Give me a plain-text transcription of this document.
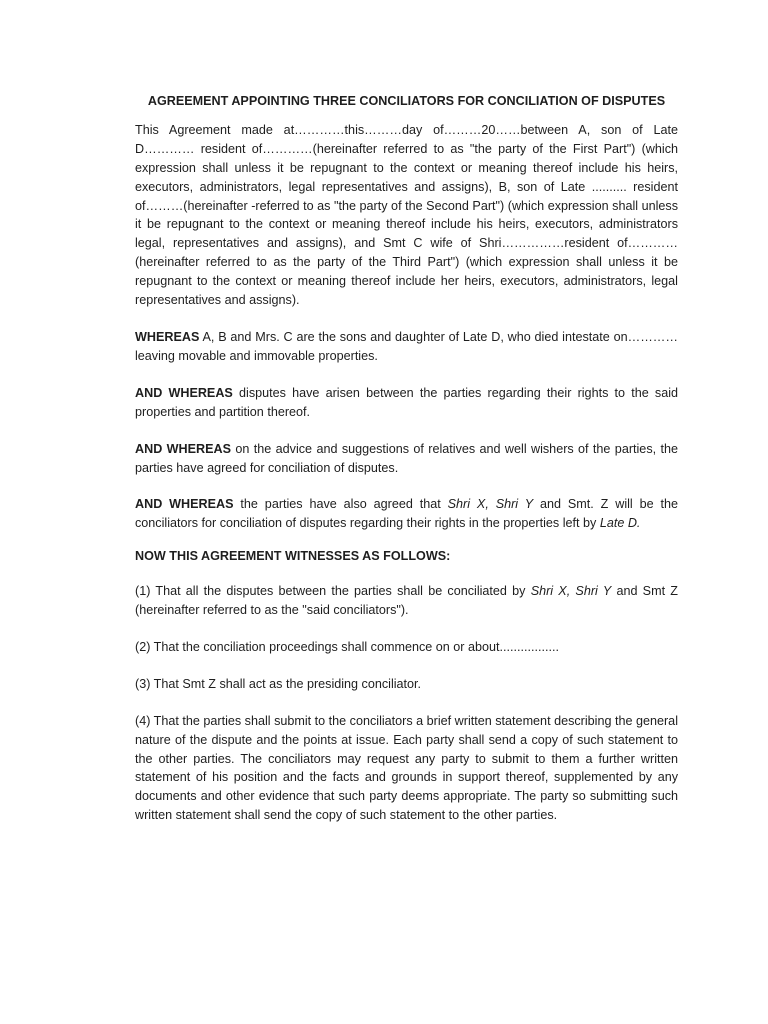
AGREEMENT APPOINTING THREE CONCILIATORS FOR CONCILIATION OF DISPUTES
This Agreement made at…………this………day of………20……between A, son of Late D………… resident of…………(hereinafter referred to as "the party of the First Part") (which expression shall unless it be repugnant to the context or meaning thereof include his heirs, executors, administrators, legal representatives and assigns), B, son of Late .......... resident of………(hereinafter -referred to as "the party of the Second Part") (which expression shall unless it be repugnant to the context or meaning thereof include his heirs, executors, administrators legal, representatives and assigns), and Smt C wife of Shri……………resident of…………(hereinafter referred to as the party of the Third Part") (which expression shall unless it be repugnant to the context or meaning thereof include her heirs, executors, administrators, legal representatives and assigns).
WHEREAS A, B and Mrs. C are the sons and daughter of Late D, who died intestate on…………leaving movable and immovable properties.
AND WHEREAS disputes have arisen between the parties regarding their rights to the said properties and partition thereof.
AND WHEREAS on the advice and suggestions of relatives and well wishers of the parties, the parties have agreed for conciliation of disputes.
AND WHEREAS the parties have also agreed that Shri X, Shri Y and Smt. Z will be the conciliators for conciliation of disputes regarding their rights in the properties left by Late D.
NOW THIS AGREEMENT WITNESSES AS FOLLOWS:
(1) That all the disputes between the parties shall be conciliated by Shri X, Shri Y and Smt Z (hereinafter referred to as the "said conciliators").
(2) That the conciliation proceedings shall commence on or about.................
(3) That Smt Z shall act as the presiding conciliator.
(4) That the parties shall submit to the conciliators a brief written statement describing the general nature of the dispute and the points at issue. Each party shall send a copy of such statement to the other parties. The conciliators may request any party to submit to them a further written statement of his position and the facts and grounds in support thereof, supplemented by any documents and other evidence that such party deems appropriate. The party so submitting such written statement shall send the copy of such statement to the other parties.
